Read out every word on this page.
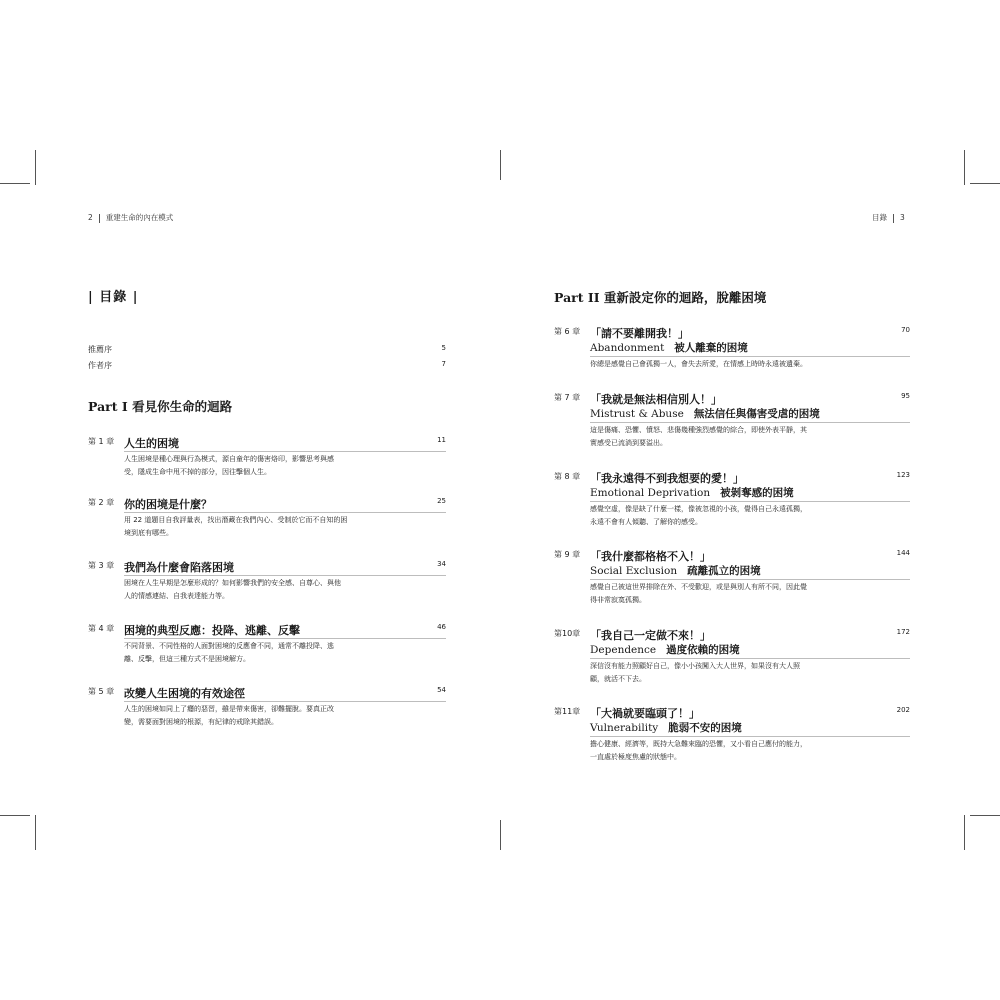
2 重建生命的內在模式
| 目錄 |
推薦序	5
作者序	7
Part I 看見你生命的迴路
第 1 章 人生的困境	11
人生困境是種心理與行為模式，源自童年的傷害烙印，影響思考與感
受，隱成生命中甩不掉的部分，因往擊個人生。
第 2 章 你的困境是什麼？	25
用 22 道題目自我評量表，找出潛藏在我們內心、受制於它而不自知的困
境到底有哪些。
第 3 章 我們為什麼會陷落困境	34
困境在人生早期是怎麼形成的？如何影響我們的安全感、自尊心、與他
人的情感連結、自我表達能力等。
第 4 章 困境的典型反應：投降、逃離、反擊	46
不同背景、不同性格的人面對困境的反應會不同，通常不離投降、逃
離、反擊，但這三種方式不是困境解方。
第 5 章 改變人生困境的有效途徑	54
人生的困境如同上了癮的惡習，雖是帶來傷害，卻難擺脫。要真正改
變，需要面對困境的根源，有紀律的戒除其錯誤。
目錄 3
Part II 重新設定你的迴路，脫離困境
第 6 章 「請不要離開我！」	70
Abandonment 被人離棄的困境
你總是感覺自己會孤獨一人，會失去所愛，在情感上時時永遠被遺棄。
第 7 章 「我就是無法相信別人！」	95
Mistrust & Abuse 無法信任與傷害受虐的困境
這是傷痛、恐懼、憤怒、悲傷幾種強烈感覺的綜合，即使外表平靜，其
實感受已流淌到要溢出。
第 8 章 「我永遠得不到我想要的愛！」	123
Emotional Deprivation 被剝奪感的困境
感覺空虛，像是缺了什麼一樣，像被忽視的小孩，覺得自己永遠孤獨，
永遠不會有人傾聽、了解你的感受。
第 9 章 「我什麼都格格不入！」	144
Social Exclusion 疏離孤立的困境
感覺自己被這世界排除在外、不受歡迎，或是與別人有所不同，因此覺
得非常寂寞孤獨。
第10章 「我自己一定做不來！」	172
Dependence 過度依賴的困境
深信沒有能力照顧好自己，像小小孩闖入大人世界，如果沒有大人照
顧，就活不下去。
第11章 「大禍就要臨頭了！」	202
Vulnerability 脆弱不安的困境
擔心健康、經濟等，既持大急難來臨的恐懼，又小看自己應付的能力，
一直處於極度焦慮的狀態中。
